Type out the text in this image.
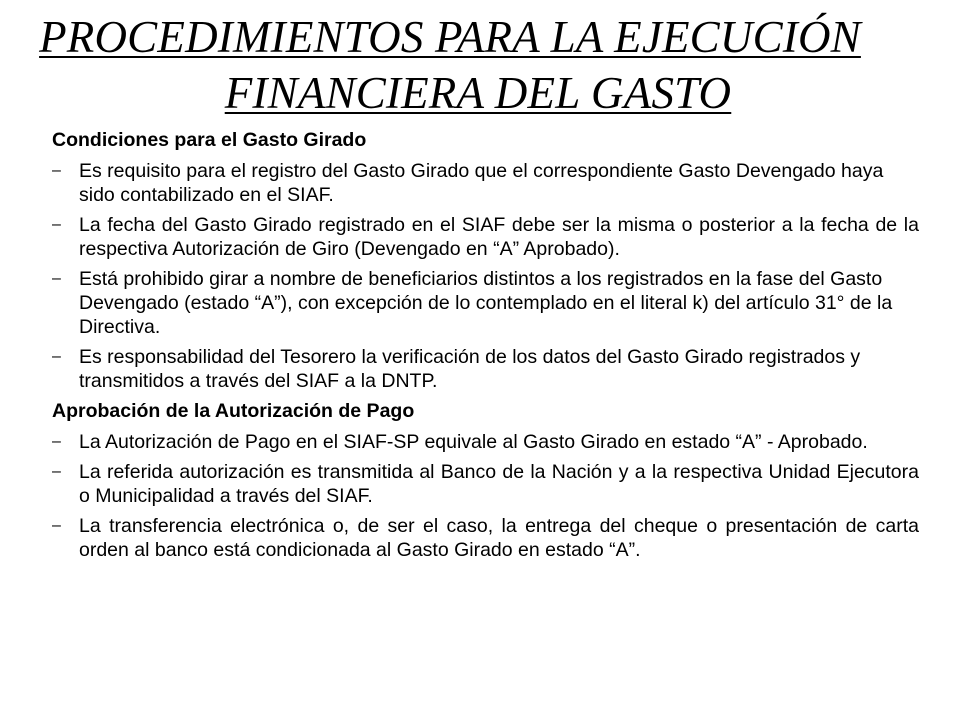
PROCEDIMIENTOS PARA LA EJECUCIÓN
FINANCIERA DEL GASTO

Condiciones para el Gasto Girado

– Es requisito para el registro del Gasto Girado que el correspondiente Gasto Devengado haya sido contabilizado en el SIAF.
– La fecha del Gasto Girado registrado en el SIAF debe ser la misma o posterior a la fecha de la respectiva Autorización de Giro (Devengado en “A” Aprobado).
– Está prohibido girar a nombre de beneficiarios distintos a los registrados en la fase del Gasto Devengado (estado “A”), con excepción de lo contemplado en el literal k) del artículo 31° de la Directiva.
– Es responsabilidad del Tesorero la verificación de los datos del Gasto Girado registrados y transmitidos a través del SIAF a la DNTP.

Aprobación de la Autorización de Pago

– La Autorización de Pago en el SIAF-SP equivale al Gasto Girado en estado “A” - Aprobado.
– La referida autorización es transmitida al Banco de la Nación y a la respectiva Unidad Ejecutora o Municipalidad a través del SIAF.
– La transferencia electrónica o, de ser el caso, la entrega del cheque o presentación de carta orden al banco está condicionada al Gasto Girado en estado “A”.
